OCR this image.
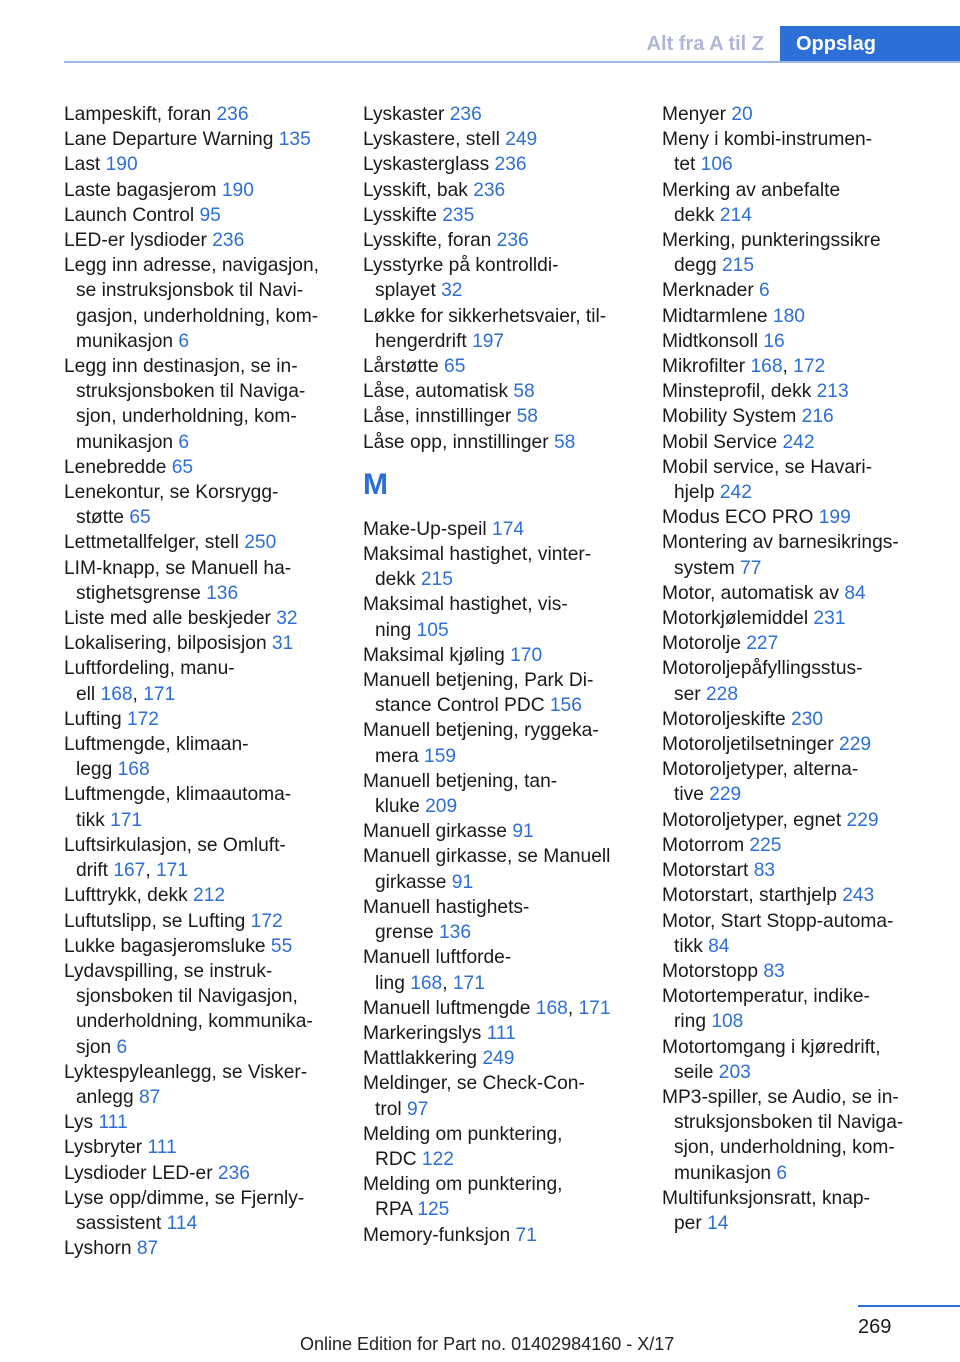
Alt fra A til Z	Oppslag
Lampeskift, foran 236
Lane Departure Warning 135
Last 190
Laste bagasjerom 190
Launch Control 95
LED-er lysdioder 236
Legg inn adresse, navigasjon,
se instruksjonsbok til Navi-
gasjon, underholdning, kom-
munikasjon 6
Legg inn destinasjon, se in-
struksjonsboken til Naviga-
sjon, underholdning, kom-
munikasjon 6
Lenebredde 65
Lenekontur, se Korsrygg-
støtte 65
Lettmetallfelger, stell 250
LIM-knapp, se Manuell ha-
stighetsgrense 136
Liste med alle beskjeder 32
Lokalisering, bilposisjon 31
Luftfordeling, manu-
ell 168, 171
Lufting 172
Luftmengde, klimaan-
legg 168
Luftmengde, klimaautoma-
tikk 171
Luftsirkulasjon, se Omluft-
drift 167, 171
Lufttrykk, dekk 212
Luftutslipp, se Lufting 172
Lukke bagasjeromsluke 55
Lydavspilling, se instruk-
sjonsboken til Navigasjon,
underholdning, kommunika-
sjon 6
Lyktespyleanlegg, se Visker-
anlegg 87
Lys 111
Lysbryter 111
Lysdioder LED-er 236
Lyse opp/dimme, se Fjernly-
sassistent 114
Lyshorn 87
Lyskaster 236
Lyskastere, stell 249
Lyskasterglass 236
Lysskift, bak 236
Lysskifte 235
Lysskifte, foran 236
Lysstyrke på kontrolldi-
splayet 32
Løkke for sikkerhetsvaier, til-
hengerdrift 197
Lårstøtte 65
Låse, automatisk 58
Låse, innstillinger 58
Låse opp, innstillinger 58
M
Make-Up-speil 174
Maksimal hastighet, vinter-
dekk 215
Maksimal hastighet, vis-
ning 105
Maksimal kjøling 170
Manuell betjening, Park Di-
stance Control PDC 156
Manuell betjening, ryggeka-
mera 159
Manuell betjening, tan-
kluke 209
Manuell girkasse 91
Manuell girkasse, se Manuell
girkasse 91
Manuell hastighets-
grense 136
Manuell luftforde-
ling 168, 171
Manuell luftmengde 168, 171
Markeringslys 111
Mattlakkering 249
Meldinger, se Check-Con-
trol 97
Melding om punktering,
RDC 122
Melding om punktering,
RPA 125
Memory-funksjon 71
Menyer 20
Meny i kombi-instrumen-
tet 106
Merking av anbefalte
dekk 214
Merking, punkteringssikre
degg 215
Merknader 6
Midtarmlene 180
Midtkonsoll 16
Mikrofilter 168, 172
Minsteprofil, dekk 213
Mobility System 216
Mobil Service 242
Mobil service, se Havari-
hjelp 242
Modus ECO PRO 199
Montering av barnesikrings-
system 77
Motor, automatisk av 84
Motorkjølemiddel 231
Motorolje 227
Motoroljepåfyllingsstus-
ser 228
Motoroljeskifte 230
Motoroljetilsetninger 229
Motoroljetyper, alterna-
tive 229
Motoroljetyper, egnet 229
Motorrom 225
Motorstart 83
Motorstart, starthjelp 243
Motor, Start Stopp-automa-
tikk 84
Motorstopp 83
Motortemperatur, indike-
ring 108
Motortomgang i kjøredrift,
seile 203
MP3-spiller, se Audio, se in-
struksjonsboken til Naviga-
sjon, underholdning, kom-
munikasjon 6
Multifunksjonsratt, knap-
per 14
269
Online Edition for Part no. 01402984160 - X/17
